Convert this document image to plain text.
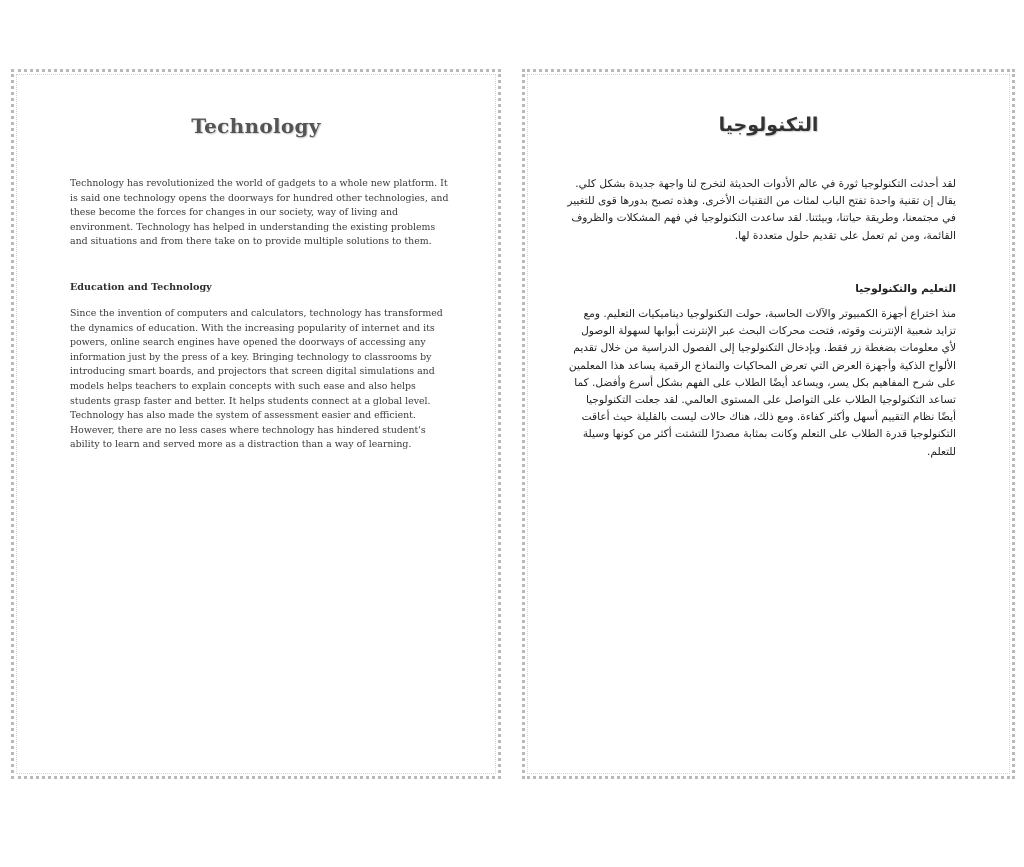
Technology

Technology has revolutionized the world of gadgets to a whole new platform. It is said one technology opens the doorways for hundred other technologies, and these become the forces for changes in our society, way of living and environment. Technology has helped in understanding the existing problems and situations and from there take on to provide multiple solutions to them.

Education and Technology

Since the invention of computers and calculators, technology has transformed the dynamics of education. With the increasing popularity of internet and its powers, online search engines have opened the doorways of accessing any information just by the press of a key. Bringing technology to classrooms by introducing smart boards, and projectors that screen digital simulations and models helps teachers to explain concepts with such ease and also helps students grasp faster and better. It helps students connect at a global level. Technology has also made the system of assessment easier and efficient. However, there are no less cases where technology has hindered student's ability to learn and served more as a distraction than a way of learning.

التكنولوجيا

لقد أحدثت التكنولوجيا ثورة في عالم الأدوات الحديثة لتخرج لنا واجهة جديدة بشكل كلي. يقال إن تقنية واحدة تفتح الباب لمئات من التقنيات الأخرى. وهذه تصبح بدورها قوى للتغيير في مجتمعنا، وطريقة حياتنا، وبيئتنا. لقد ساعدت التكنولوجيا في فهم المشكلات والظروف القائمة، ومن ثم تعمل على تقديم حلول متعددة لها.

التعليم والتكنولوجيا

منذ اختراع أجهزة الكمبيوتر والآلات الحاسبة، حولت التكنولوجيا ديناميكيات التعليم. ومع تزايد شعبية الإنترنت وقوته، فتحت محركات البحث عبر الإنترنت أبوابها لسهولة الوصول لأي معلومات بضغطة زر فقط. وبإدخال التكنولوجيا إلى الفصول الدراسية من خلال تقديم الألواح الذكية وأجهزة العرض التي تعرض المحاكيات والنماذج الرقمية يساعد هذا المعلمين على شرح المفاهيم بكل يسر، ويساعد أيضًا الطلاب على الفهم بشكل أسرع وأفضل. كما تساعد التكنولوجيا الطلاب على التواصل على المستوى العالمي. لقد جعلت التكنولوجيا أيضًا نظام التقييم أسهل وأكثر كفاءة. ومع ذلك، هناك حالات ليست بالقليلة حيث أعاقت التكنولوجيا قدرة الطلاب على التعلم وكانت بمثابة مصدرًا للتشتت أكثر من كونها وسيلة للتعلم.
